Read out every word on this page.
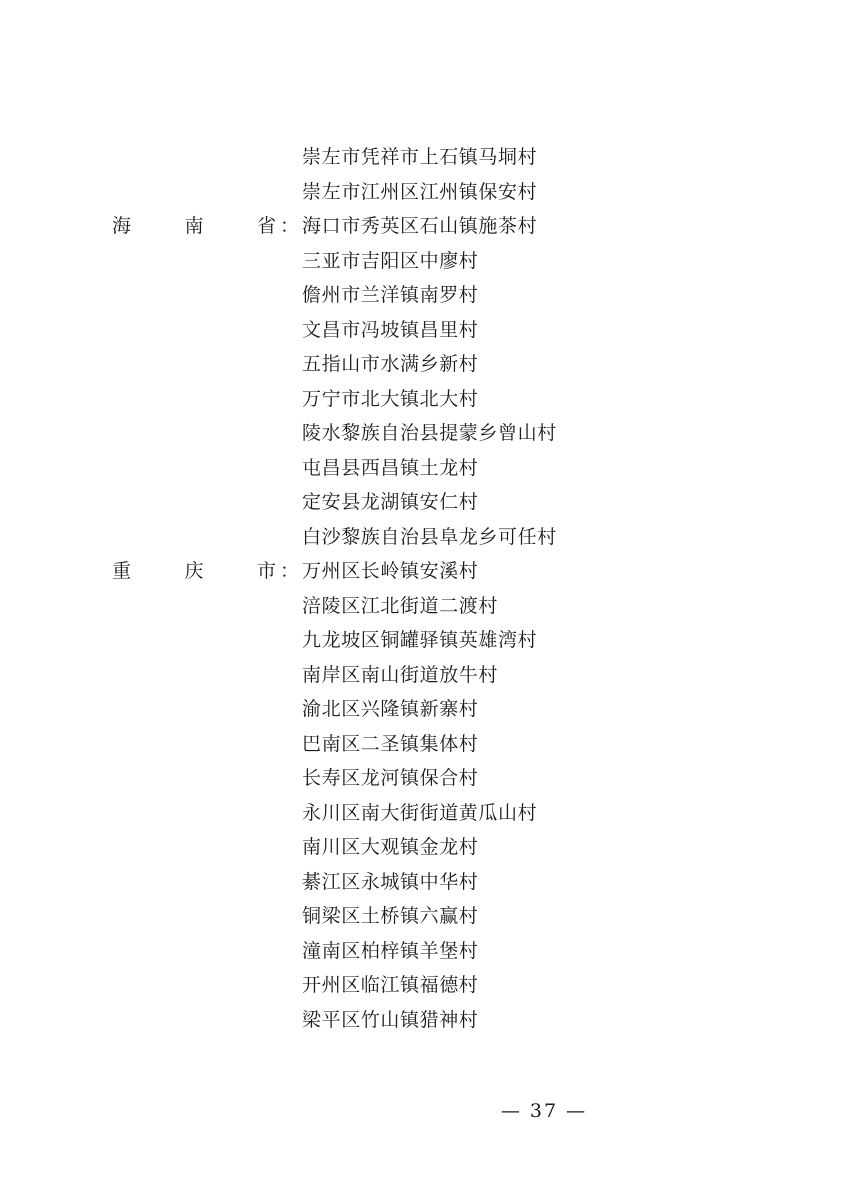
崇左市凭祥市上石镇马垌村
崇左市江州区江州镇保安村
海	南	省 ： 海口市秀英区石山镇施茶村
三亚市吉阳区中廖村
儋州市兰洋镇南罗村
文昌市冯坡镇昌里村
五指山市水满乡新村
万宁市北大镇北大村
陵水黎族自治县提蒙乡曾山村
屯昌县西昌镇土龙村
定安县龙湖镇安仁村
白沙黎族自治县阜龙乡可任村
重	庆	市 ： 万州区长岭镇安溪村
涪陵区江北街道二渡村
九龙坡区铜罐驿镇英雄湾村
南岸区南山街道放牛村
渝北区兴隆镇新寨村
巴南区二圣镇集体村
长寿区龙河镇保合村
永川区南大街街道黄瓜山村
南川区大观镇金龙村
綦江区永城镇中华村
铜梁区土桥镇六赢村
潼南区柏梓镇羊堡村
开州区临江镇福德村
梁平区竹山镇猎神村
— 37 —
